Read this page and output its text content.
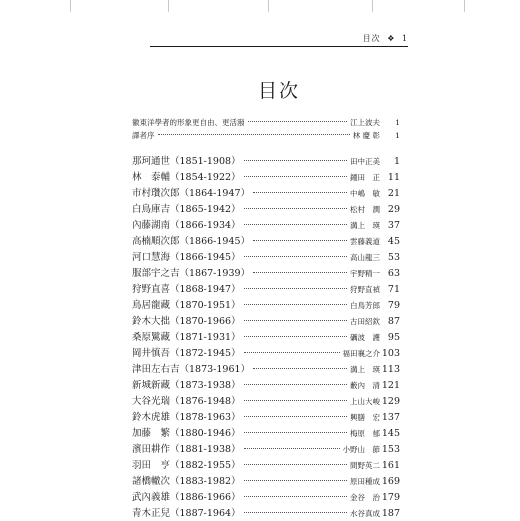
目次 ❖ 1
目次
徽東洋學者的形象更自由、更活潑	江上波夫	1
譯者序	林 慶 彰	1
那珂通世（1851-1908）	田中正美	1
林　泰輔（1854-1922）	鐘田　正 11
市村瓚次郎（1864-1947）	中嶋　敏 21
白鳥庫吉（1865-1942）	松村　潤 29
內藤湖南（1866-1934）	溝上　瑛 37
高楠順次郎（1866-1945）	雲藤義道 45
河口慧海（1866-1945）	高山龍三 53
服部宇之吉（1867-1939）	宇野精一 63
狩野直喜（1868-1947）	狩野直禎 71
鳥居龍藏（1870-1951）	白鳥芳郎 79
鈴木大拙（1870-1966）	古田紹欽 87
桑原騭藏（1871-1931）	礪波　護 95
岡井慎吾（1872-1945）	福田襄之介 103
津田左右吉（1873-1961）	溝上　瑛 113
新城新藏（1873-1938）	藪內　清 121
大谷光瑞（1876-1948）	上山大峻 129
鈴木虎雄（1878-1963）	興膳　宏 137
加藤　繁（1880-1946）	梅原　郁 145
濱田耕作（1881-1938）	小野山　節 153
羽田　亨（1882-1955）	間野英二 161
諸橋轍次（1883-1982）	原田種成 169
武內義雄（1886-1966）	金谷　治 179
青木正兒（1887-1964）	水谷真成 187
